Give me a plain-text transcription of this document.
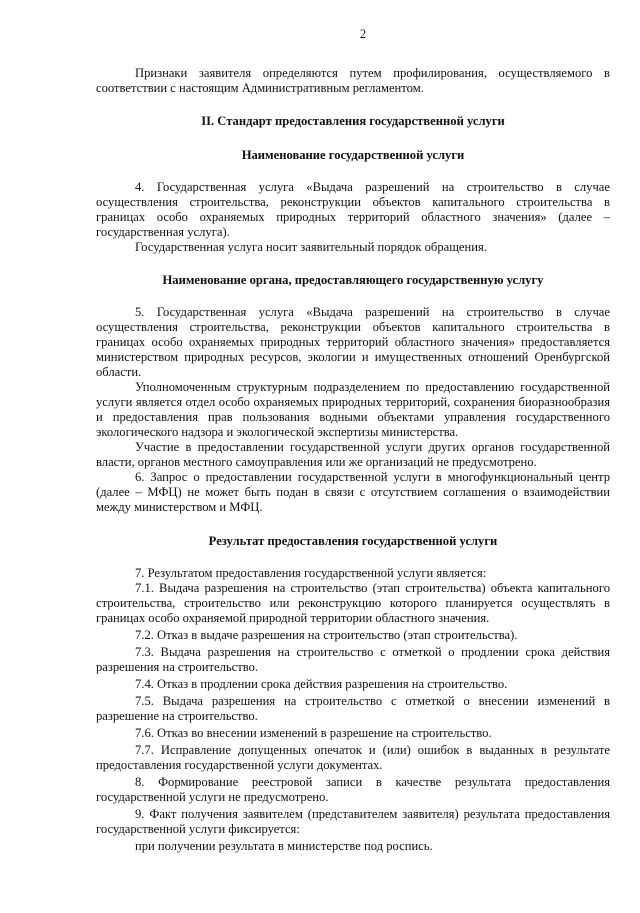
2

Признаки заявителя определяются путем профилирования, осуществляемого в соответствии с настоящим Административным регламентом.

II. Стандарт предоставления государственной услуги

Наименование государственной услуги

4. Государственная услуга «Выдача разрешений на строительство в случае осуществления строительства, реконструкции объектов капитального строительства в границах особо охраняемых природных территорий областного значения» (далее – государственная услуга).

Государственная услуга носит заявительный порядок обращения.

Наименование органа, предоставляющего государственную услугу

5. Государственная услуга «Выдача разрешений на строительство в случае осуществления строительства, реконструкции объектов капитального строительства в границах особо охраняемых природных территорий областного значения» предоставляется министерством природных ресурсов, экологии и имущественных отношений Оренбургской области.

Уполномоченным структурным подразделением по предоставлению государственной услуги является отдел особо охраняемых природных территорий, сохранения биоразнообразия и предоставления прав пользования водными объектами управления государственного экологического надзора и экологической экспертизы министерства.

Участие в предоставлении государственной услуги других органов государственной власти, органов местного самоуправления или же организаций не предусмотрено.

6. Запрос о предоставлении государственной услуги в многофункциональный центр (далее – МФЦ) не может быть подан в связи с отсутствием соглашения о взаимодействии между министерством и МФЦ.

Результат предоставления государственной услуги

7. Результатом предоставления государственной услуги является:

7.1. Выдача разрешения на строительство (этап строительства) объекта капитального строительства, строительство или реконструкцию которого планируется осуществлять в границах особо охраняемой природной территории областного значения.

7.2. Отказ в выдаче разрешения на строительство (этап строительства).

7.3. Выдача разрешения на строительство с отметкой о продлении срока действия разрешения на строительство.

7.4. Отказ в продлении срока действия разрешения на строительство.

7.5. Выдача разрешения на строительство с отметкой о внесении изменений в разрешение на строительство.

7.6. Отказ во внесении изменений в разрешение на строительство.

7.7. Исправление допущенных опечаток и (или) ошибок в выданных в результате предоставления государственной услуги документах.

8. Формирование реестровой записи в качестве результата предоставления государственной услуги не предусмотрено.

9. Факт получения заявителем (представителем заявителя) результата предоставления государственной услуги фиксируется:

при получении результата в министерстве под роспись.
